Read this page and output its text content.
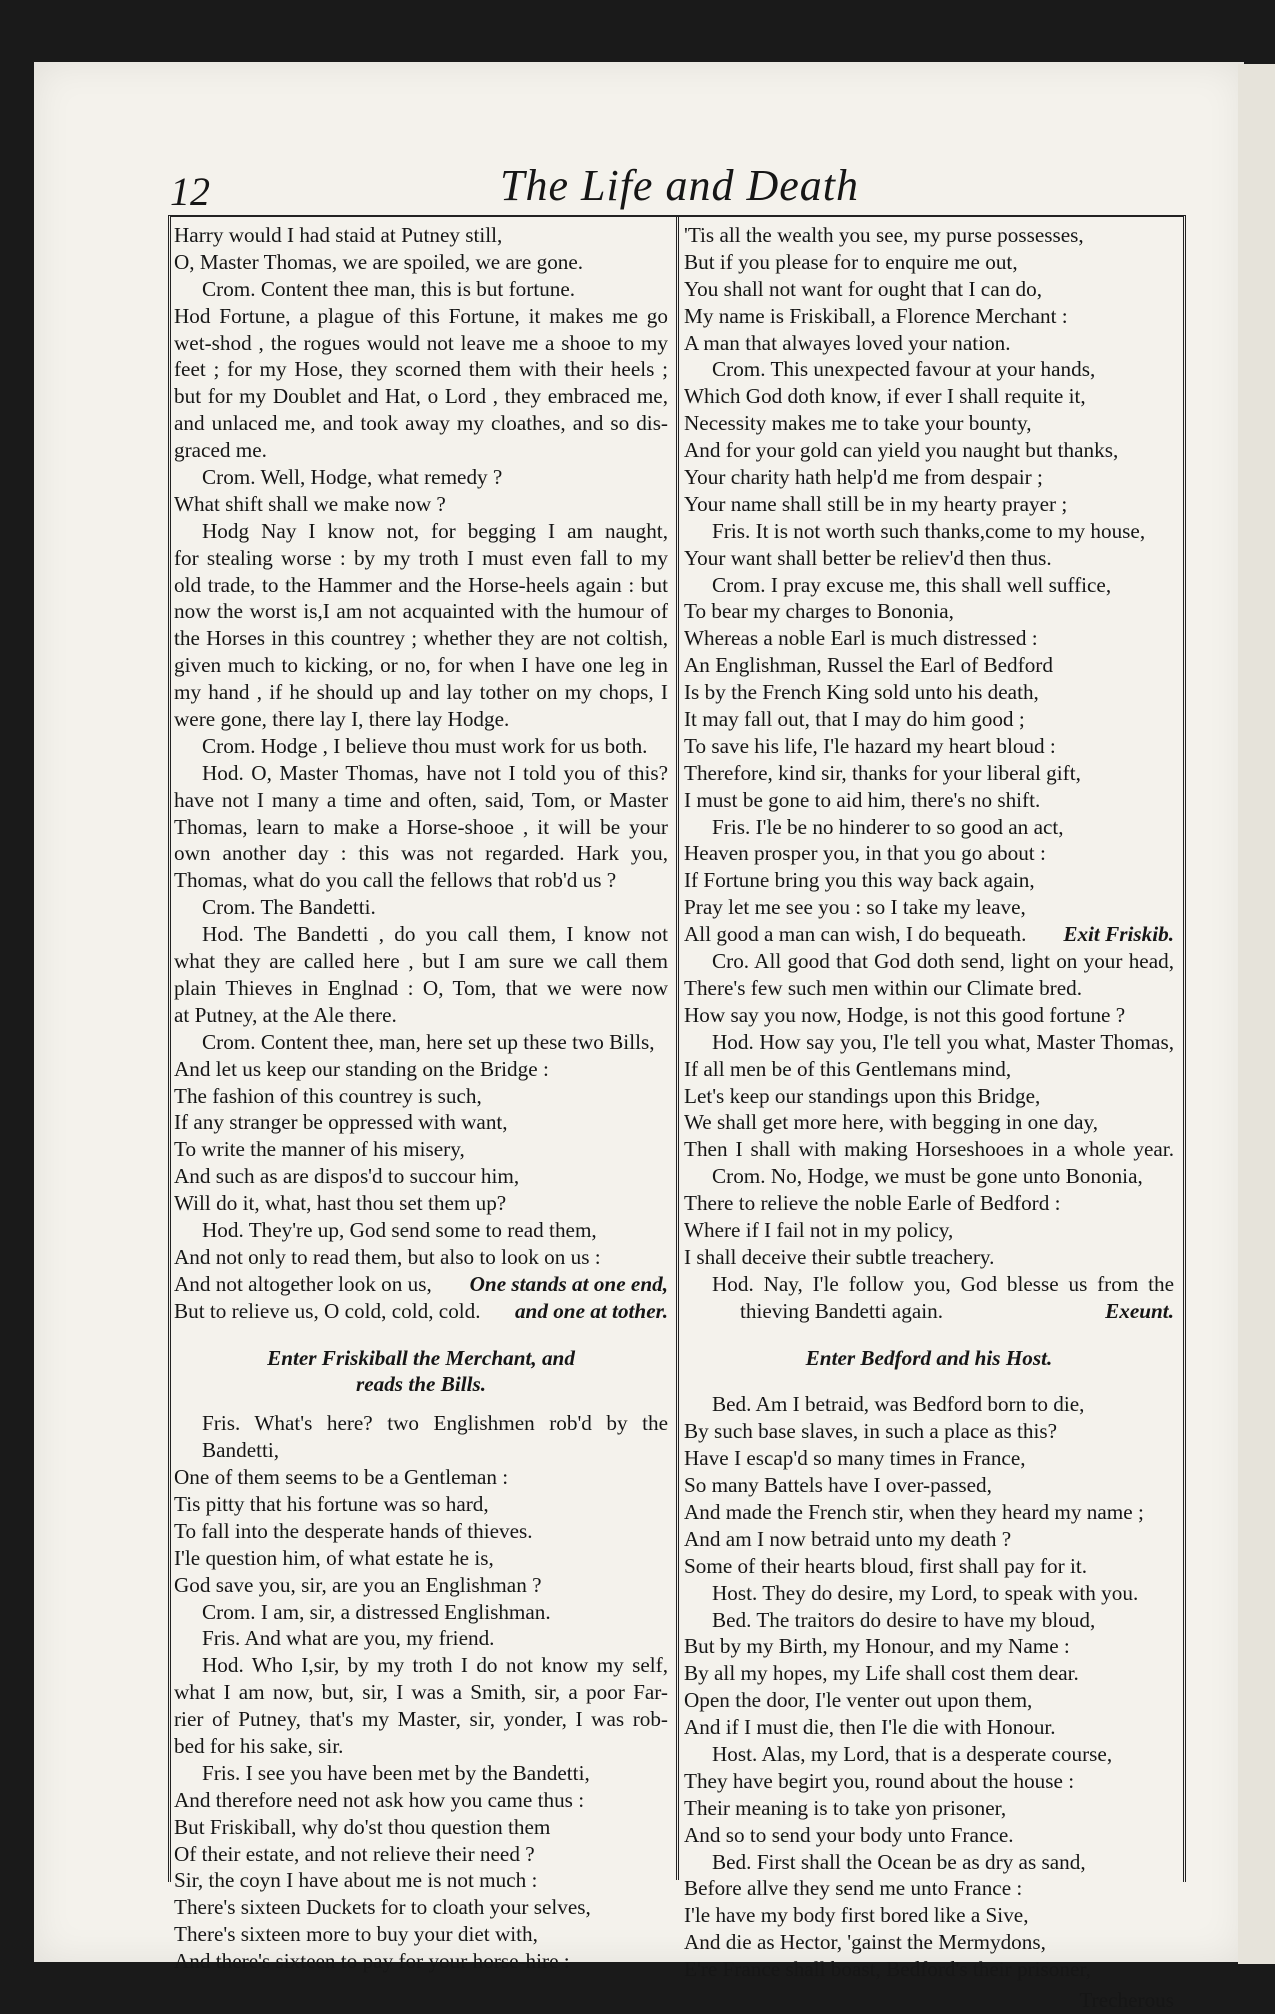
12	The Life and Death
Harry would I had staid at Putney still,
O, Master Thomas, we are spoiled, we are gone.
Crom. Content thee man, this is but fortune.
Hod Fortune, a plague of this Fortune, it makes me go
wet-shod , the rogues would not leave me a shooe to my
feet ; for my Hose, they scorned them with their heels ;
but for my Doublet and Hat, o Lord , they embraced me,
and unlaced me, and took away my cloathes, and so dis-
graced me.
Crom. Well, Hodge, what remedy ?
What shift shall we make now ?
Hodg Nay I know not, for begging I am naught,
for stealing worse : by my troth I must even fall to my
old trade, to the Hammer and the Horse-heels again : but
now the worst is,I am not acquainted with the humour of
the Horses in this countrey ; whether they are not coltish,
given much to kicking, or no, for when I have one leg in
my hand , if he should up and lay tother on my chops, I
were gone, there lay I, there lay Hodge.
Crom. Hodge , I believe thou must work for us both.
Hod. O, Master Thomas, have not I told you of this?
have not I many a time and often, said, Tom, or Master
Thomas, learn to make a Horse-shooe , it will be your
own another day : this was not regarded. Hark you,
Thomas, what do you call the fellows that rob'd us ?
Crom. The Bandetti.
Hod. The Bandetti , do you call them, I know not
what they are called here , but I am sure we call them
plain Thieves in Englnad : O, Tom, that we were now
at Putney, at the Ale there.
Crom. Content thee, man, here set up these two Bills,
And let us keep our standing on the Bridge :
The fashion of this countrey is such,
If any stranger be oppressed with want,
To write the manner of his misery,
And such as are dispos'd to succour him,
Will do it, what, hast thou set them up?
Hod. They're up, God send some to read them,
And not only to read them, but also to look on us :
And not altogether look on us, One stands at one end,
But to relieve us, O cold, cold, cold. and one at tother.
Enter Friskiball the Merchant, and
reads the Bills.
Fris. What's here? two Englishmen rob'd by the
Bandetti,
One of them seems to be a Gentleman :
Tis pitty that his fortune was so hard,
To fall into the desperate hands of thieves.
I'le question him, of what estate he is,
God save you, sir, are you an Englishman ?
Crom. I am, sir, a distressed Englishman.
Fris. And what are you, my friend.
Hod. Who I,sir, by my troth I do not know my self,
what I am now, but, sir, I was a Smith, sir, a poor Far-
rier of Putney, that's my Master, sir, yonder, I was rob-
bed for his sake, sir.
Fris. I see you have been met by the Bandetti,
And therefore need not ask how you came thus :
But Friskiball, why do'st thou question them
Of their estate, and not relieve their need ?
Sir, the coyn I have about me is not much :
There's sixteen Duckets for to cloath your selves,
There's sixteen more to buy your diet with,
And there's sixteen to pay for your horse-hire :
'Tis all the wealth you see, my purse possesses,
But if you please for to enquire me out,
You shall not want for ought that I can do,
My name is Friskiball, a Florence Merchant :
A man that alwayes loved your nation.
Crom. This unexpected favour at your hands,
Which God doth know, if ever I shall requite it,
Necessity makes me to take your bounty,
And for your gold can yield you naught but thanks,
Your charity hath help'd me from despair ;
Your name shall still be in my hearty prayer ;
Fris. It is not worth such thanks,come to my house,
Your want shall better be reliev'd then thus.
Crom. I pray excuse me, this shall well suffice,
To bear my charges to Bononia,
Whereas a noble Earl is much distressed :
An Englishman, Russel the Earl of Bedford
Is by the French King sold unto his death,
It may fall out, that I may do him good ;
To save his life, I'le hazard my heart bloud :
Therefore, kind sir, thanks for your liberal gift,
I must be gone to aid him, there's no shift.
Fris. I'le be no hinderer to so good an act,
Heaven prosper you, in that you go about :
If Fortune bring you this way back again,
Pray let me see you : so I take my leave,
All good a man can wish, I do bequeath. Exit Friskib.
Cro. All good that God doth send, light on your head,
There's few such men within our Climate bred.
How say you now, Hodge, is not this good fortune ?
Hod. How say you, I'le tell you what, Master Thomas,
If all men be of this Gentlemans mind,
Let's keep our standings upon this Bridge,
We shall get more here, with begging in one day,
Then I shall with making Horseshooes in a whole year.
Crom. No, Hodge, we must be gone unto Bononia,
There to relieve the noble Earle of Bedford :
Where if I fail not in my policy,
I shall deceive their subtle treachery.
Hod. Nay, I'le follow you, God blesse us from the
thieving Bandetti again.	Exeunt.
Enter Bedford and his Host.
Bed. Am I betraid, was Bedford born to die,
By such base slaves, in such a place as this?
Have I escap'd so many times in France,
So many Battels have I over-passed,
And made the French stir, when they heard my name ;
And am I now betraid unto my death ?
Some of their hearts bloud, first shall pay for it.
Host. They do desire, my Lord, to speak with you.
Bed. The traitors do desire to have my bloud,
But by my Birth, my Honour, and my Name :
By all my hopes, my Life shall cost them dear.
Open the door, I'le venter out upon them,
And if I must die, then I'le die with Honour.
Host. Alas, my Lord, that is a desperate course,
They have begirt you, round about the house :
Their meaning is to take yon prisoner,
And so to send your body unto France.
Bed. First shall the Ocean be as dry as sand,
Before allve they send me unto France :
I'le have my body first bored like a Sive,
And die as Hector, 'gainst the Mermydons,
E're France shall boast, Bedford's their prisoner,
Trecherous
